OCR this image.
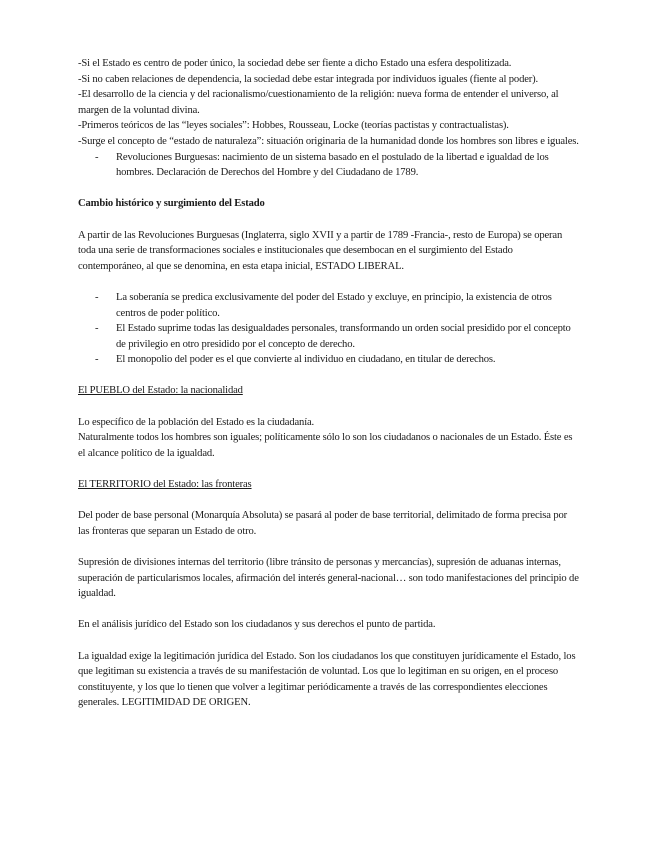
-Si el Estado es centro de poder único, la sociedad debe ser fiente a dicho Estado una esfera despolitizada.

-Si no caben relaciones de dependencia, la sociedad debe estar integrada por individuos iguales (fiente al poder).

-El desarrollo de la ciencia y del racionalismo/cuestionamiento de la religión: nueva forma de entender el universo, al margen de la voluntad divina.

-Primeros teóricos de las “leyes sociales”: Hobbes, Rousseau, Locke (teorías pactistas y contractualistas).

-Surge el concepto de “estado de naturaleza”: situación originaria de la humanidad donde los hombres son libres e iguales.

-	Revoluciones Burguesas: nacimiento de un sistema basado en el postulado de la libertad e igualdad de los hombres. Declaración de Derechos del Hombre y del Ciudadano de 1789.

Cambio histórico y surgimiento del Estado

A partir de las Revoluciones Burguesas (Inglaterra, siglo XVII y a partir de 1789 -Francia-, resto de Europa) se operan toda una serie de transformaciones sociales e institucionales que desembocan en el surgimiento del Estado contemporáneo, al que se denomina, en esta etapa inicial, ESTADO LIBERAL.

-	La soberanía se predica exclusivamente del poder del Estado y excluye, en principio, la existencia de otros centros de poder político.
-	El Estado suprime todas las desigualdades personales, transformando un orden social presidido por el concepto de privilegio en otro presidido por el concepto de derecho.
-	El monopolio del poder es el que convierte al individuo en ciudadano, en titular de derechos.

El PUEBLO del Estado: la nacionalidad

Lo específico de la población del Estado es la ciudadanía.

Naturalmente todos los hombres son iguales; políticamente sólo lo son los ciudadanos o nacionales de un Estado. Éste es el alcance político de la igualdad.

El TERRITORIO del Estado: las fronteras

Del poder de base personal (Monarquía Absoluta) se pasará al poder de base territorial, delimitado de forma precisa por las fronteras que separan un Estado de otro.

Supresión de divisiones internas del territorio (libre tránsito de personas y mercancías), supresión de aduanas internas, superación de particularismos locales, afirmación del interés general-nacional… son todo manifestaciones del principio de igualdad.

En el análisis jurídico del Estado son los ciudadanos y sus derechos el punto de partida.

La igualdad exige la legitimación jurídica del Estado. Son los ciudadanos los que constituyen jurídicamente el Estado, los que legitiman su existencia a través de su manifestación de voluntad. Los que lo legitiman en su origen, en el proceso constituyente, y los que lo tienen que volver a legitimar periódicamente a través de las correspondientes elecciones generales. LEGITIMIDAD DE ORIGEN.
